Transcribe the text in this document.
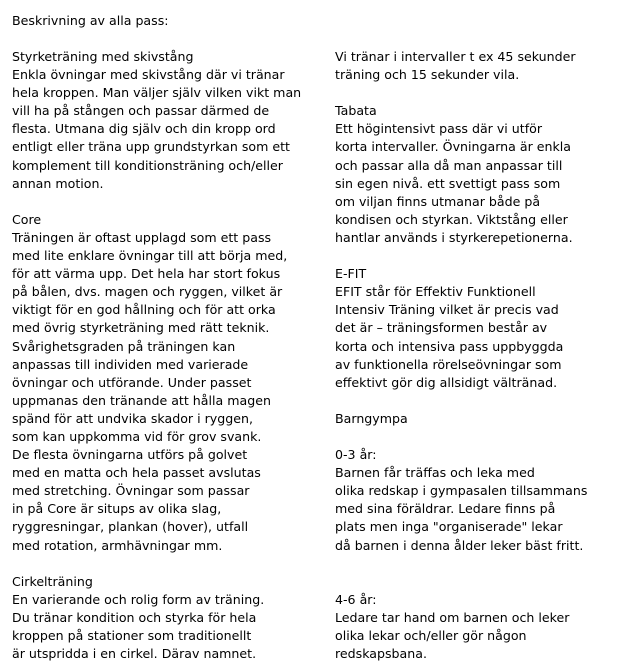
Beskrivning av alla pass:
Styrketräning med skivstång
Enkla övningar med skivstång där vi tränar
hela kroppen. Man väljer själv vilken vikt man
vill ha på stången och passar därmed de
flesta. Utmana dig själv och din kropp ord
entligt eller träna upp grundstyrkan som ett
komplement till konditionsträning och/eller
annan motion.
Core
Träningen är oftast upplagd som ett pass
med lite enklare övningar till att börja med,
för att värma upp. Det hela har stort fokus
på bålen, dvs. magen och ryggen, vilket är
viktigt för en god hållning och för att orka
med övrig styrketräning med rätt teknik.
Svårighetsgraden på träningen kan
anpassas till individen med varierade
övningar och utförande. Under passet
uppmanas den tränande att hålla magen
spänd för att undvika skador i ryggen,
som kan uppkomma vid för grov svank.
De flesta övningarna utförs på golvet
med en matta och hela passet avslutas
med stretching. Övningar som passar
in på Core är situps av olika slag,
ryggresningar, plankan (hover), utfall
med rotation, armhävningar mm.
Cirkelträning
En varierande och rolig form av träning.
Du tränar kondition och styrka för hela
kroppen på stationer som traditionellt
är utspridda i en cirkel. Därav namnet.
Vi tränar i intervaller t ex 45 sekunder
träning och 15 sekunder vila.
Tabata
Ett högintensivt pass där vi utför
korta intervaller. Övningarna är enkla
och passar alla då man anpassar till
sin egen nivå. ett svettigt pass som
om viljan finns utmanar både på
kondisen och styrkan. Viktstång eller
hantlar används i styrkerepetionerna.
E-FIT
EFIT står för Effektiv Funktionell
Intensiv Träning vilket är precis vad
det är – träningsformen består av
korta och intensiva pass uppbyggda
av funktionella rörelseövningar som
effektivt gör dig allsidigt vältränad.
Barngympa
0-3 år:
Barnen får träffas och leka med
olika redskap i gympasalen tillsammans
med sina föräldrar. Ledare finns på
plats men inga "organiserade" lekar
då barnen i denna ålder leker bäst fritt.
4-6 år:
Ledare tar hand om barnen och leker
olika lekar och/eller gör någon
redskapsbana.
